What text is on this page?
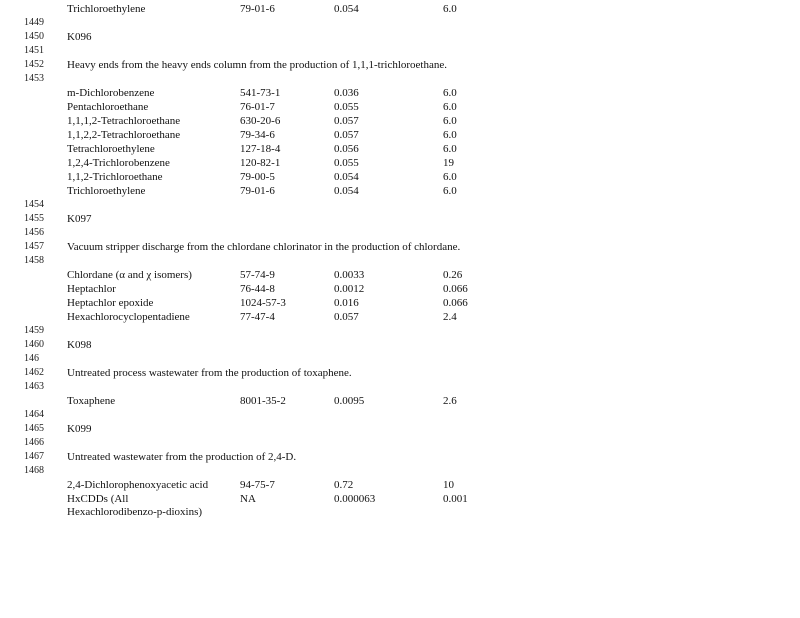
1449
1450
1451
1452
1453
1454
1455
1456
1457
1458
1459
1460
146
1462
1463
1464
1465
1466
1467
1468
Trichloroethylene	79-01-6	0.054	6.0
K096
Heavy ends from the heavy ends column from the production of 1,1,1-trichloroethane.
m-Dichlorobenzene	541-73-1	0.036	6.0
Pentachloroethane	76-01-7	0.055	6.0
1,1,1,2-Tetrachloroethane	630-20-6	0.057	6.0
1,1,2,2-Tetrachloroethane	79-34-6	0.057	6.0
Tetrachloroethylene	127-18-4	0.056	6.0
1,2,4-Trichlorobenzene	120-82-1	0.055	19
1,1,2-Trichloroethane	79-00-5	0.054	6.0
Trichloroethylene	79-01-6	0.054	6.0
K097
Vacuum stripper discharge from the chlordane chlorinator in the production of chlordane.
Chlordane (α and χ isomers)	57-74-9	0.0033	0.26
Heptachlor	76-44-8	0.0012	0.066
Heptachlor epoxide	1024-57-3	0.016	0.066
Hexachlorocyclopentadiene	77-47-4	0.057	2.4
K098
Untreated process wastewater from the production of toxaphene.
Toxaphene	8001-35-2	0.0095	2.6
K099
Untreated wastewater from the production of 2,4-D.
2,4-Dichlorophenoxyacetic acid	94-75-7	0.72	10
HxCDDs (All	NA	0.000063	0.001
Hexachlorodibenzo-p-dioxins)
